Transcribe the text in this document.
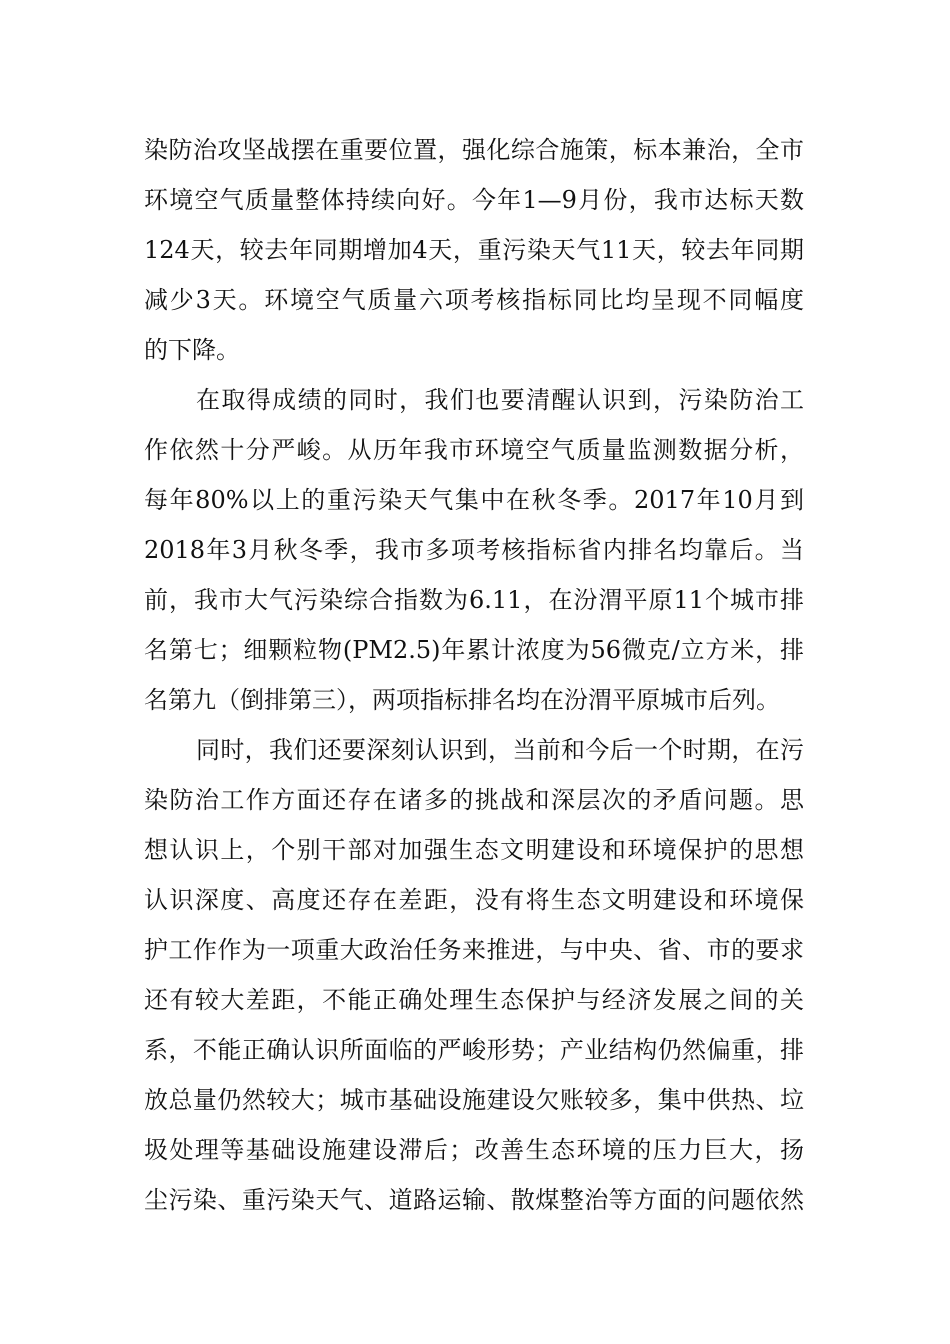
染防治攻坚战摆在重要位置，强化综合施策，标本兼治，全市
环境空气质量整体持续向好。今年1—9月份，我市达标天数
124天，较去年同期增加4天，重污染天气11天，较去年同期
减少3天。环境空气质量六项考核指标同比均呈现不同幅度
的下降。
在取得成绩的同时，我们也要清醒认识到，污染防治工
作依然十分严峻。从历年我市环境空气质量监测数据分析，
每年80%以上的重污染天气集中在秋冬季。2017年10月到
2018年3月秋冬季，我市多项考核指标省内排名均靠后。当
前，我市大气污染综合指数为6.11，在汾渭平原11个城市排
名第七；细颗粒物(PM2.5)年累计浓度为56微克/立方米，排
名第九（倒排第三），两项指标排名均在汾渭平原城市后列。
同时，我们还要深刻认识到，当前和今后一个时期，在污
染防治工作方面还存在诸多的挑战和深层次的矛盾问题。思
想认识上，个别干部对加强生态文明建设和环境保护的思想
认识深度、高度还存在差距，没有将生态文明建设和环境保
护工作作为一项重大政治任务来推进，与中央、省、市的要求
还有较大差距，不能正确处理生态保护与经济发展之间的关
系，不能正确认识所面临的严峻形势；产业结构仍然偏重，排
放总量仍然较大；城市基础设施建设欠账较多，集中供热、垃
圾处理等基础设施建设滞后；改善生态环境的压力巨大，扬
尘污染、重污染天气、道路运输、散煤整治等方面的问题依然
